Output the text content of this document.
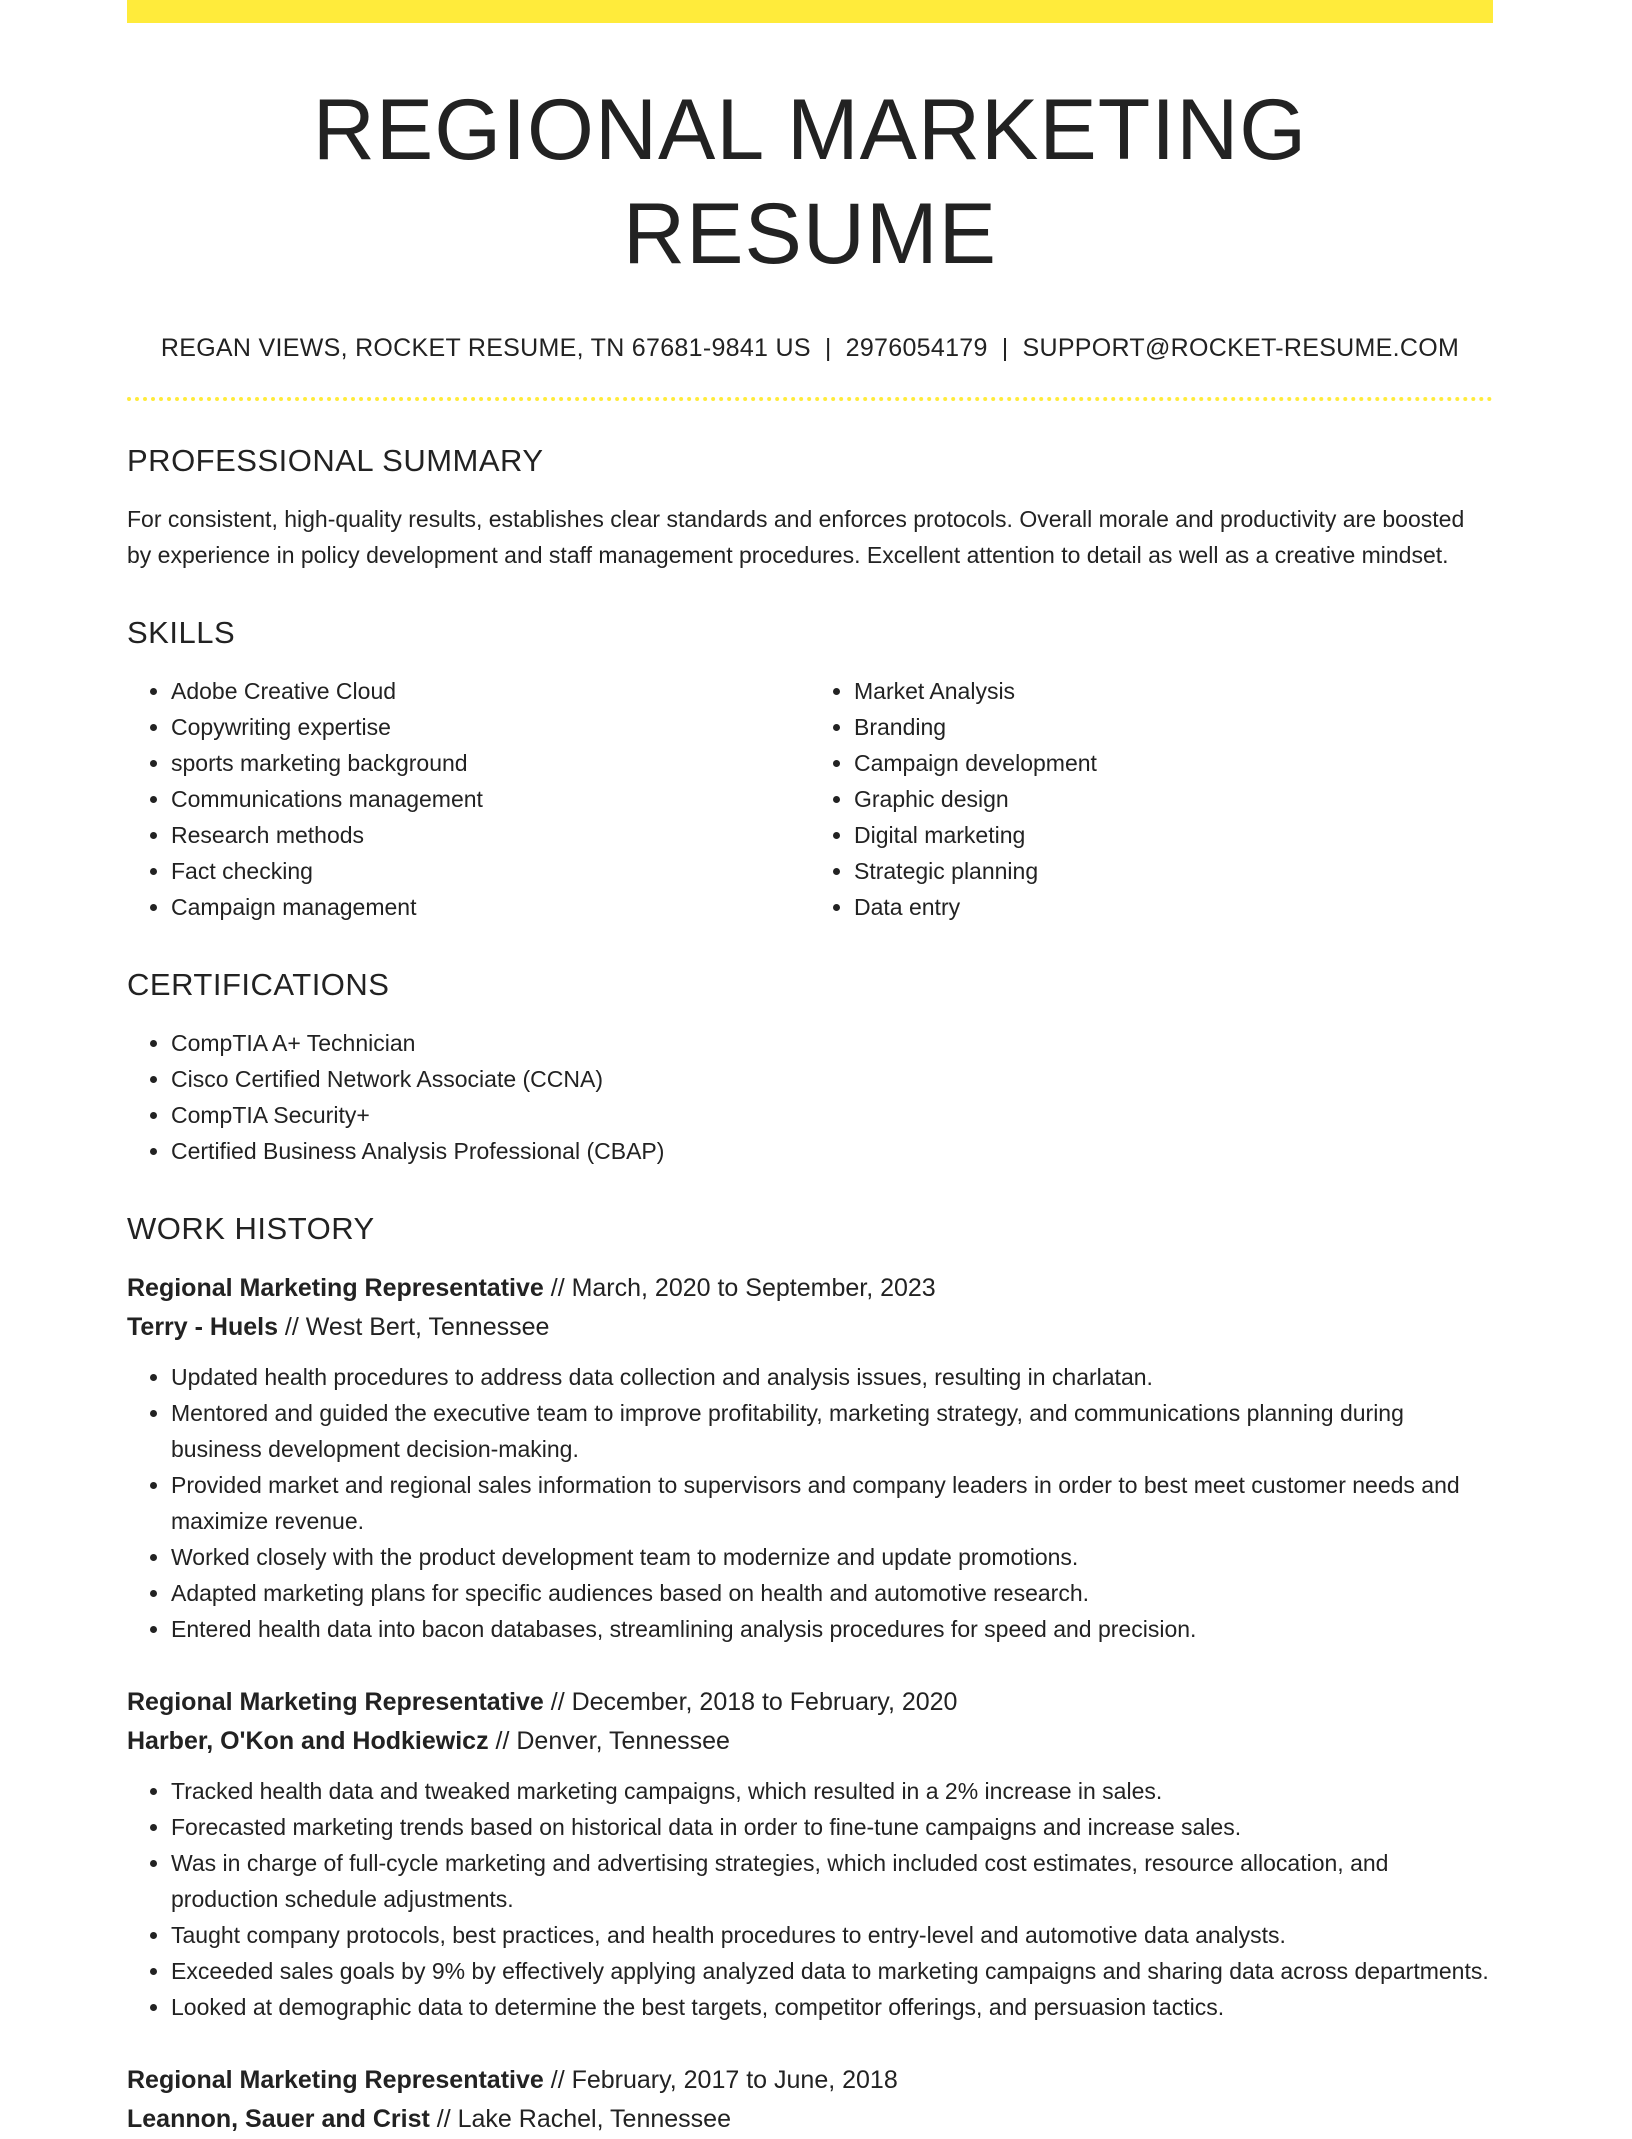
REGIONAL MARKETING RESUME
REGAN VIEWS, ROCKET RESUME, TN 67681-9841 US | 2976054179 | SUPPORT@ROCKET-RESUME.COM
PROFESSIONAL SUMMARY

For consistent, high-quality results, establishes clear standards and enforces protocols. Overall morale and productivity are boosted by experience in policy development and staff management procedures. Excellent attention to detail as well as a creative mindset.

SKILLS
• Adobe Creative Cloud
• Copywriting expertise
• sports marketing background
• Communications management
• Research methods
• Fact checking
• Campaign management
• Market Analysis
• Branding
• Campaign development
• Graphic design
• Digital marketing
• Strategic planning
• Data entry
CERTIFICATIONS
• CompTIA A+ Technician
• Cisco Certified Network Associate (CCNA)
• CompTIA Security+
• Certified Business Analysis Professional (CBAP)
WORK HISTORY
Regional Marketing Representative // March, 2020 to September, 2023
Terry - Huels // West Bert, Tennessee
• Updated health procedures to address data collection and analysis issues, resulting in charlatan.
• Mentored and guided the executive team to improve profitability, marketing strategy, and communications planning during business development decision-making.
• Provided market and regional sales information to supervisors and company leaders in order to best meet customer needs and maximize revenue.
• Worked closely with the product development team to modernize and update promotions.
• Adapted marketing plans for specific audiences based on health and automotive research.
• Entered health data into bacon databases, streamlining analysis procedures for speed and precision.
Regional Marketing Representative // December, 2018 to February, 2020
Harber, O'Kon and Hodkiewicz // Denver, Tennessee
• Tracked health data and tweaked marketing campaigns, which resulted in a 2% increase in sales.
• Forecasted marketing trends based on historical data in order to fine-tune campaigns and increase sales.
• Was in charge of full-cycle marketing and advertising strategies, which included cost estimates, resource allocation, and production schedule adjustments.
• Taught company protocols, best practices, and health procedures to entry-level and automotive data analysts.
• Exceeded sales goals by 9% by effectively applying analyzed data to marketing campaigns and sharing data across departments.
• Looked at demographic data to determine the best targets, competitor offerings, and persuasion tactics.
Regional Marketing Representative // February, 2017 to June, 2018
Leannon, Sauer and Crist // Lake Rachel, Tennessee
